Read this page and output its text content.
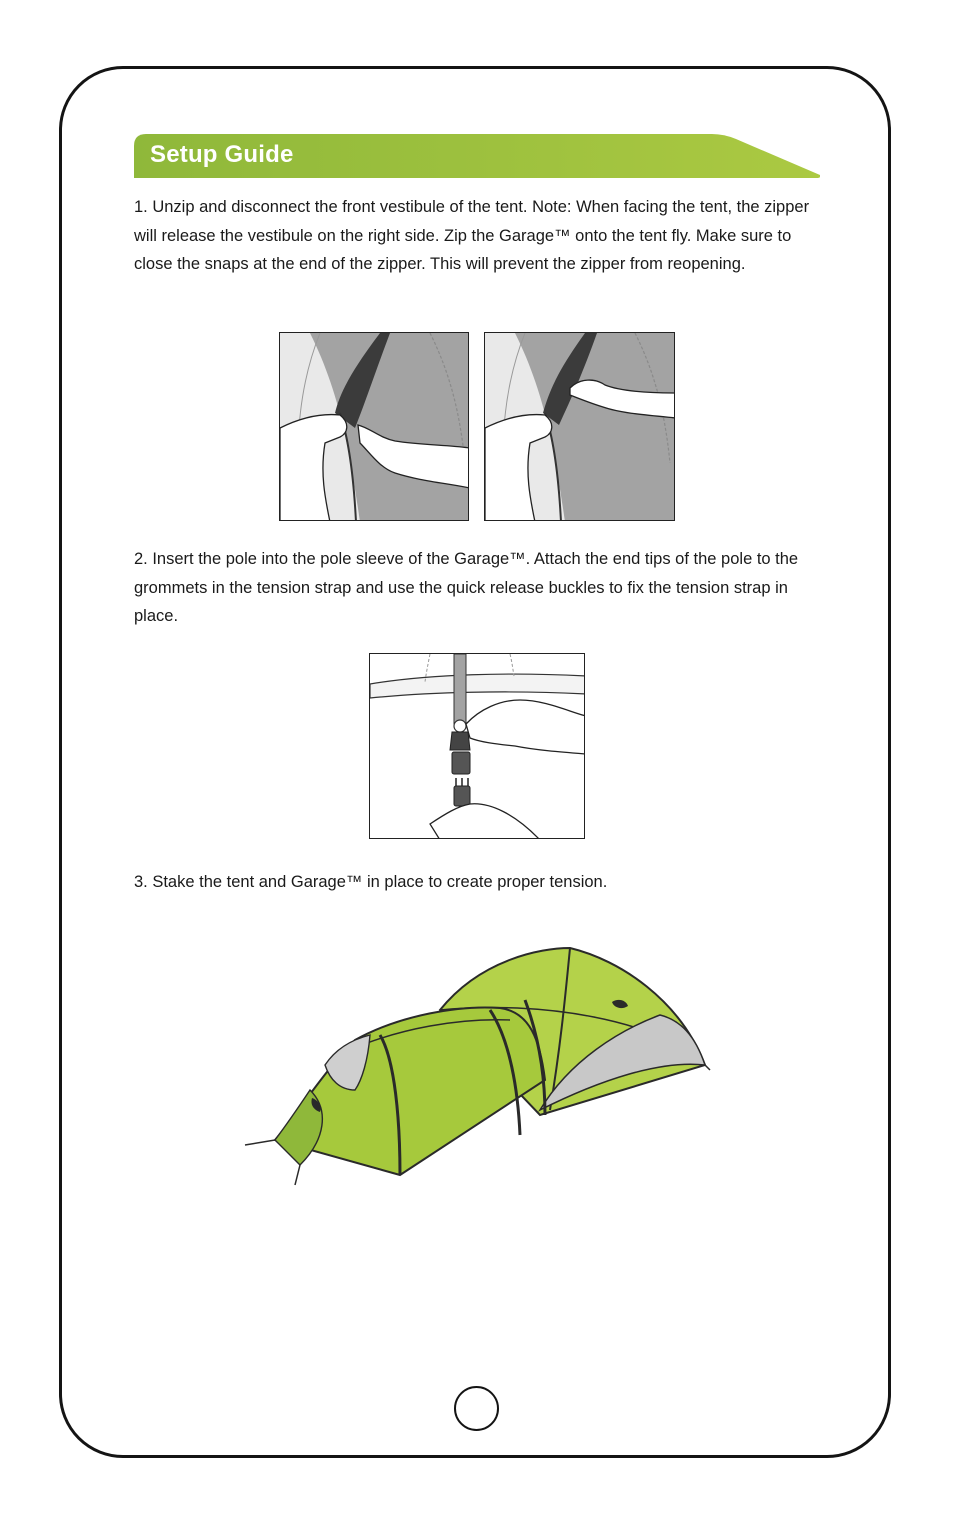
Setup Guide
1. Unzip and disconnect the front vestibule of the tent. Note: When facing the tent, the zipper will release the vestibule on the right side. Zip the Garage™ onto the tent fly. Make sure to close the snaps at the end of the zipper. This will prevent the zipper from reopening.
2. Insert the pole into the pole sleeve of the Garage™. Attach the end tips of the pole to the grommets in the tension strap and use the quick release buckles to fix the tension strap in place.
3. Stake the tent and Garage™ in place to create proper tension.
